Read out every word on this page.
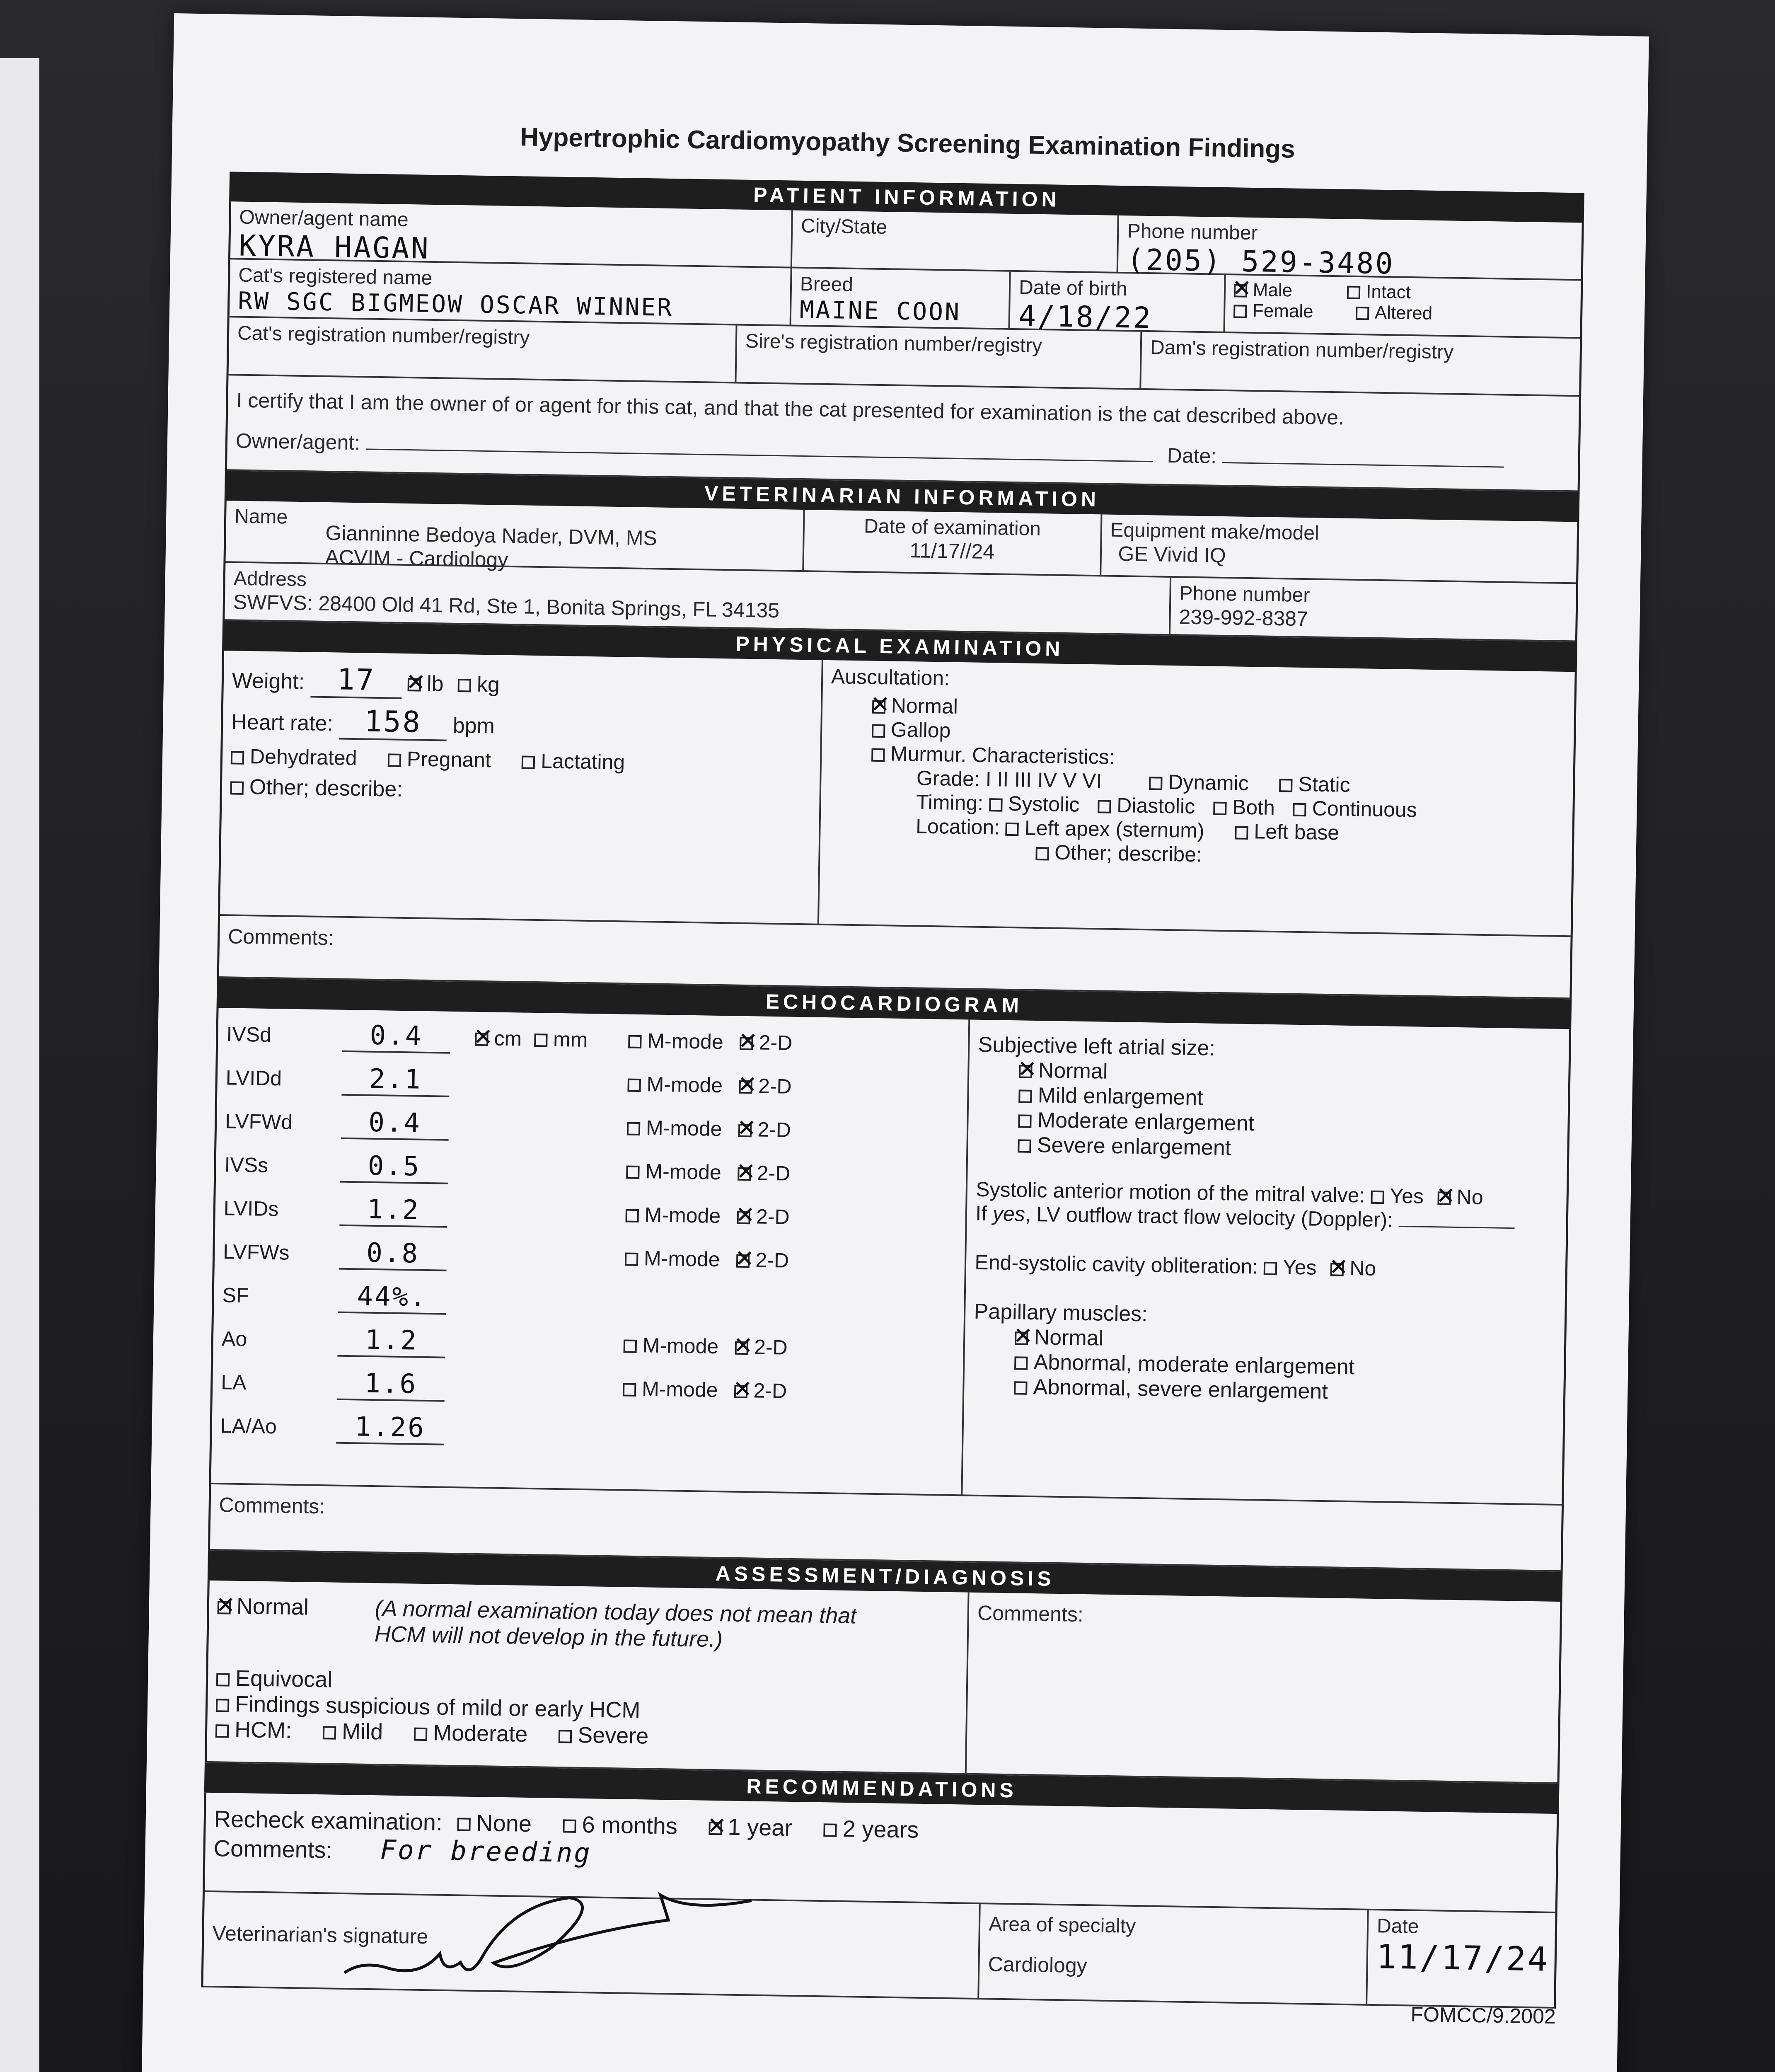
Hypertrophic Cardiomyopathy Screening Examination Findings
PATIENT INFORMATION
Owner/agent name
KYRA HAGAN
City/State	Phone number
(205) 529-3480
Cat's registered name
RW SGC BIGMEOW OSCAR WINNER
Breed
MAINE COON
Date of birth
4/18/22
✕Male	Intact
Female	Altered
Cat's registration number/registry	Sire's registration number/registry	Dam's registration number/registry
I certify that I am the owner of or agent for this cat, and that the cat presented for examination is the cat described above.
Owner/agent:  Date:
VETERINARIAN INFORMATION
Name
Gianninne Bedoya Nader, DVM, MS
ACVIM - Cardiology
Date of examination
11/17//24
Equipment make/model
GE Vivid IQ
Address
SWFVS: 28400 Old 41 Rd, Ste 1, Bonita Springs, FL 34135	Phone number
239-992-8387
PHYSICAL EXAMINATION
Weight: 17 ✕ lb kg
Heart rate: 158 bpm
Dehydrated Pregnant Lactating
Other; describe:
Auscultation:
✕Normal
Gallop
Murmur. Characteristics:
Grade: I II III IV V VI	Dynamic Static
Timing: Systolic Diastolic Both Continuous
Location: Left apex (sternum) Left base
Other; describe:
Comments:
ECHOCARDIOGRAM
IVSd	0.4 ✕	cm mm	M-mode ✕ 2-D
LVIDd	2.1	M-mode ✕ 2-D
LVFWd	0.4	M-mode ✕ 2-D
IVSs	0.5	M-mode ✕ 2-D
LVIDs	1.2	M-mode ✕ 2-D
LVFWs	0.8	M-mode ✕ 2-D
SF	44%.
Ao	1.2	M-mode ✕ 2-D
LA	1.6	M-mode ✕ 2-D
LA/Ao	1.26
Subjective left atrial size:
✕Normal
Mild enlargement
Moderate enlargement
Severe enlargement
Systolic anterior motion of the mitral valve: Yes ✕ No
If yes, LV outflow tract flow velocity (Doppler):
End-systolic cavity obliteration: Yes ✕ No
Papillary muscles:
✕Normal
Abnormal, moderate enlargement
Abnormal, severe enlargement
Comments:
ASSESSMENT/DIAGNOSIS
✕Normal	(A normal examination today does not mean that HCM will not develop in the future.)
Equivocal
Findings suspicious of mild or early HCM
HCM: Mild Moderate Severe
Comments:
RECOMMENDATIONS
Recheck examination: None 6 months ✕ 1 year 2 years
Comments: For breeding
Veterinarian's signature	Area of specialty
Cardiology
Date
11/17/24
FOMCC/9.2002
